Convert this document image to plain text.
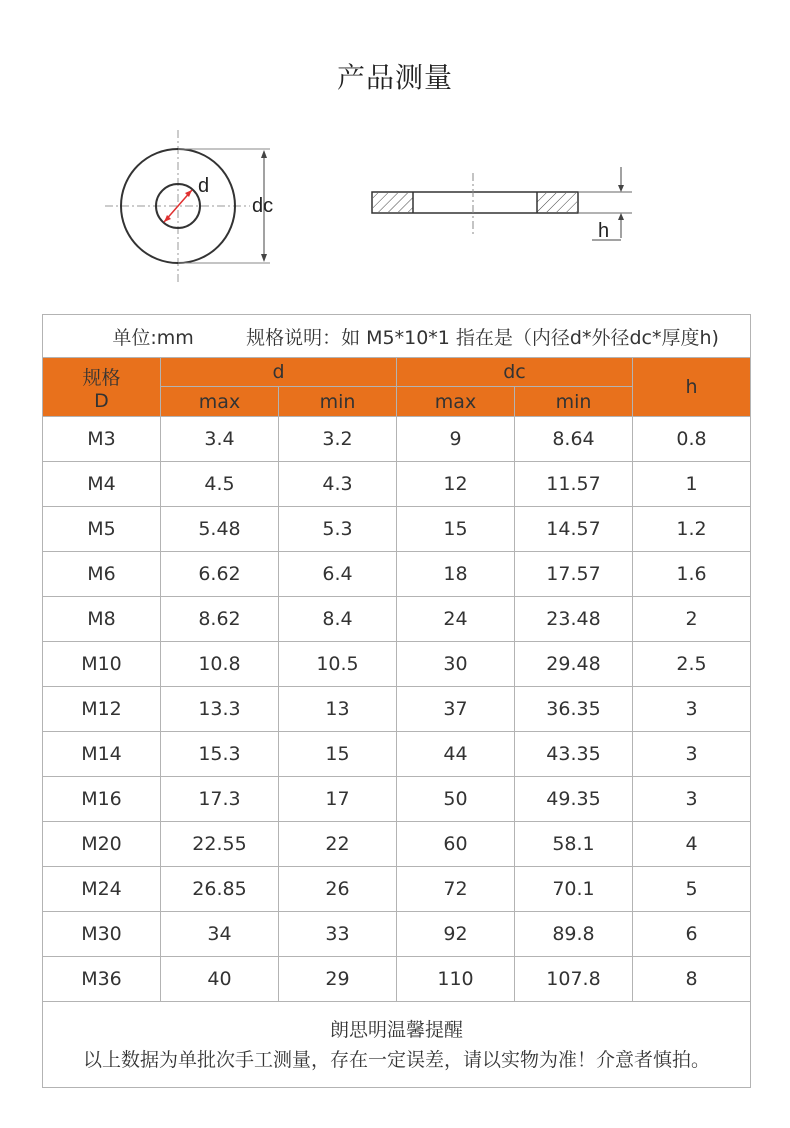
产品测量
d
dc
h
单位:mm 规格说明：如 M5*10*1 指在是（内径d*外径dc*厚度h)					

规格
D	d		dc		h
	max	min	max	min	
M3	3.4	3.2	9	8.64	0.8
M4	4.5	4.3	12	11.57	1
M5	5.48	5.3	15	14.57	1.2
M6	6.62	6.4	18	17.57	1.6
M8	8.62	8.4	24	23.48	2
M10	10.8	10.5	30	29.48	2.5
M12	13.3	13	37	36.35	3
M14	15.3	15	44	43.35	3
M16	17.3	17	50	49.35	3
M20	22.55	22	60	58.1	4
M24	26.85	26	72	70.1	5
M30	34	33	92	89.8	6
M36	40	29	110	107.8	8

朗思明温馨提醒
以上数据为单批次手工测量，存在一定误差，请以实物为准！介意者慎拍。					
